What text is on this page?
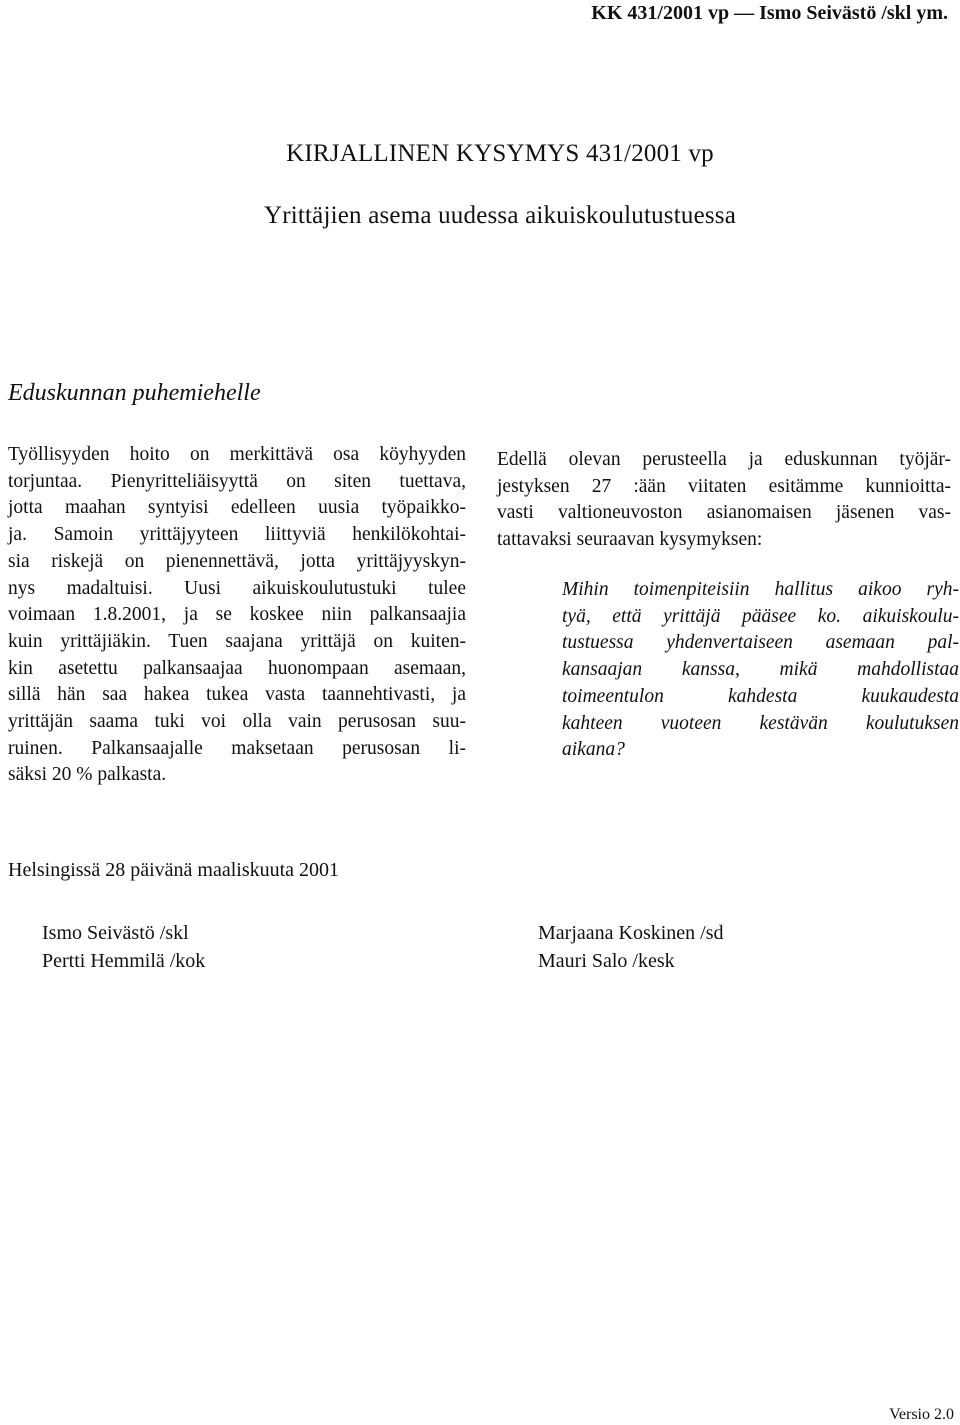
KK 431/2001 vp — Ismo Seivästö /skl ym.
KIRJALLINEN KYSYMYS 431/2001 vp
Yrittäjien asema uudessa aikuiskoulutustuessa
Eduskunnan puhemiehelle
Työllisyyden hoito on merkittävä osa köyhyyden
torjuntaa. Pienyritteliäisyyttä on siten tuettava,
jotta maahan syntyisi edelleen uusia työpaikko-
ja. Samoin yrittäjyyteen liittyviä henkilökohtai-
sia riskejä on pienennettävä, jotta yrittäjyyskyn-
nys madaltuisi. Uusi aikuiskoulutustuki tulee
voimaan 1.8.2001, ja se koskee niin palkansaajia
kuin yrittäjiäkin. Tuen saajana yrittäjä on kuiten-
kin asetettu palkansaajaa huonompaan asemaan,
sillä hän saa hakea tukea vasta taannehtivasti, ja
yrittäjän saama tuki voi olla vain perusosan suu-
ruinen. Palkansaajalle maksetaan perusosan li-
säksi 20 % palkasta.
Edellä olevan perusteella ja eduskunnan työjär-
jestyksen 27 :ään viitaten esitämme kunnioitta-
vasti valtioneuvoston asianomaisen jäsenen vas-
tattavaksi seuraavan kysymyksen:
Mihin toimenpiteisiin hallitus aikoo ryh-
tyä, että yrittäjä pääsee ko. aikuiskoulu-
tustuessa yhdenvertaiseen asemaan pal-
kansaajan kanssa, mikä mahdollistaa
toimeentulon kahdesta kuukaudesta
kahteen vuoteen kestävän koulutuksen
aikana?
Helsingissä 28 päivänä maaliskuuta 2001
Ismo Seivästö /skl
Pertti Hemmilä /kok
Marjaana Koskinen /sd
Mauri Salo /kesk
Versio 2.0
